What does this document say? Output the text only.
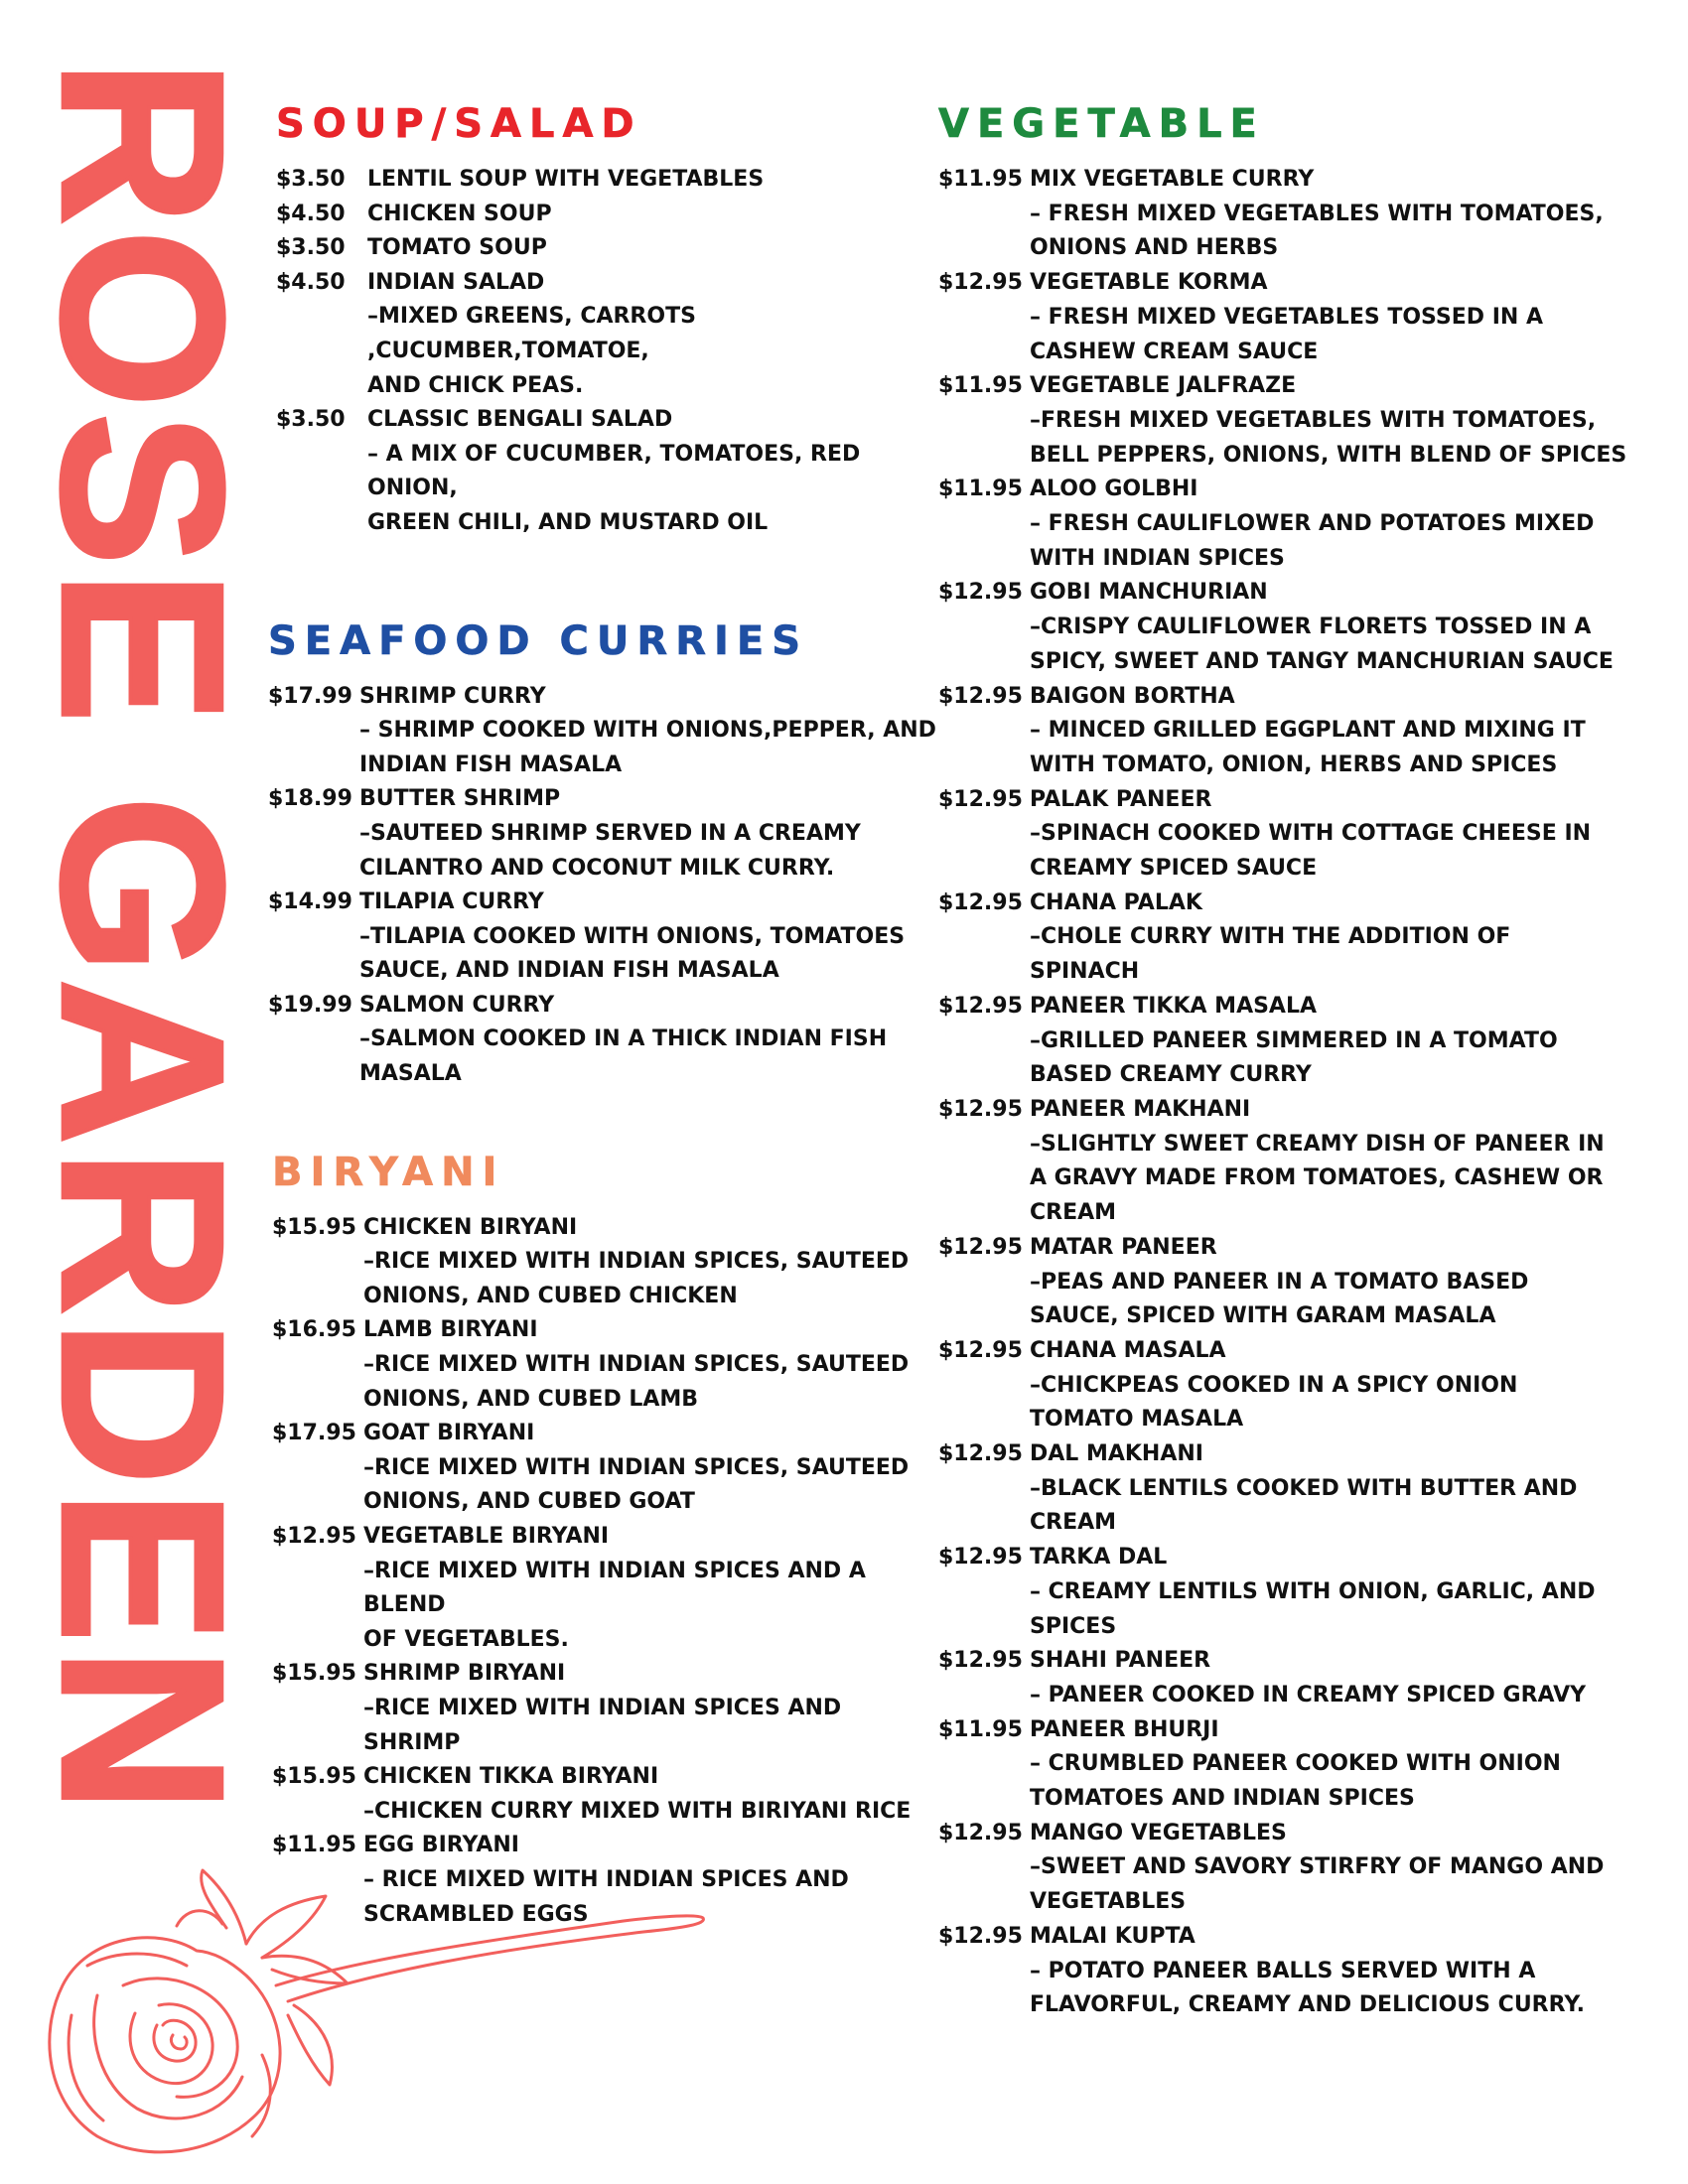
ROSE GARDEN SOUP/SALAD
$3.50	LENTIL SOUP WITH VEGETABLES
$4.50	CHICKEN SOUP
$3.50	TOMATO SOUP
$4.50	INDIAN SALAD
–MIXED GREENS, CARROTS ,CUCUMBER,TOMATOE,
AND CHICK PEAS.
$3.50	CLASSIC BENGALI SALAD
– A MIX OF CUCUMBER, TOMATOES, RED ONION,
GREEN CHILI, AND MUSTARD OIL
SEAFOOD CURRIES
$17.99 SHRIMP CURRY
– SHRIMP COOKED WITH ONIONS,PEPPER, AND
INDIAN FISH MASALA
$18.99 BUTTER SHRIMP
–SAUTEED SHRIMP SERVED IN A CREAMY
CILANTRO AND COCONUT MILK CURRY.
$14.99 TILAPIA CURRY
–TILAPIA COOKED WITH ONIONS, TOMATOES
SAUCE, AND INDIAN FISH MASALA
$19.99 SALMON CURRY
–SALMON COOKED IN A THICK INDIAN FISH
MASALA
BIRYANI
$15.95 CHICKEN BIRYANI
–RICE MIXED WITH INDIAN SPICES, SAUTEED
ONIONS, AND CUBED CHICKEN
$16.95 LAMB BIRYANI
–RICE MIXED WITH INDIAN SPICES, SAUTEED
ONIONS, AND CUBED LAMB
$17.95 GOAT BIRYANI
–RICE MIXED WITH INDIAN SPICES, SAUTEED
ONIONS, AND CUBED GOAT
$12.95 VEGETABLE BIRYANI
–RICE MIXED WITH INDIAN SPICES AND A BLEND
OF VEGETABLES.
$15.95 SHRIMP BIRYANI
–RICE MIXED WITH INDIAN SPICES AND SHRIMP
$15.95 CHICKEN TIKKA BIRYANI
–CHICKEN CURRY MIXED WITH BIRIYANI RICE
$11.95 EGG BIRYANI
– RICE MIXED WITH INDIAN SPICES AND
SCRAMBLED EGGS
VEGETABLE
$11.95 MIX VEGETABLE CURRY
– FRESH MIXED VEGETABLES WITH TOMATOES,
ONIONS AND HERBS
$12.95 VEGETABLE KORMA
– FRESH MIXED VEGETABLES TOSSED IN A
CASHEW CREAM SAUCE
$11.95 VEGETABLE JALFRAZE
–FRESH MIXED VEGETABLES WITH TOMATOES,
BELL PEPPERS, ONIONS, WITH BLEND OF SPICES
$11.95 ALOO GOLBHI
– FRESH CAULIFLOWER AND POTATOES MIXED
WITH INDIAN SPICES
$12.95 GOBI MANCHURIAN
–CRISPY CAULIFLOWER FLORETS TOSSED IN A
SPICY, SWEET AND TANGY MANCHURIAN SAUCE
$12.95 BAIGON BORTHA
– MINCED GRILLED EGGPLANT AND MIXING IT
WITH TOMATO, ONION, HERBS AND SPICES
$12.95 PALAK PANEER
–SPINACH COOKED WITH COTTAGE CHEESE IN
CREAMY SPICED SAUCE
$12.95 CHANA PALAK
–CHOLE CURRY WITH THE ADDITION OF
SPINACH
$12.95 PANEER TIKKA MASALA
–GRILLED PANEER SIMMERED IN A TOMATO
BASED CREAMY CURRY
$12.95 PANEER MAKHANI
–SLIGHTLY SWEET CREAMY DISH OF PANEER IN
A GRAVY MADE FROM TOMATOES, CASHEW OR
CREAM
$12.95 MATAR PANEER
–PEAS AND PANEER IN A TOMATO BASED
SAUCE, SPICED WITH GARAM MASALA
$12.95 CHANA MASALA
–CHICKPEAS COOKED IN A SPICY ONION
TOMATO MASALA
$12.95 DAL MAKHANI
–BLACK LENTILS COOKED WITH BUTTER AND
CREAM
$12.95 TARKA DAL
– CREAMY LENTILS WITH ONION, GARLIC, AND
SPICES
$12.95 SHAHI PANEER
– PANEER COOKED IN CREAMY SPICED GRAVY
$11.95 PANEER BHURJI
– CRUMBLED PANEER COOKED WITH ONION
TOMATOES AND INDIAN SPICES
$12.95 MANGO VEGETABLES
–SWEET AND SAVORY STIRFRY OF MANGO AND
VEGETABLES
$12.95 MALAI KUPTA
– POTATO PANEER BALLS SERVED WITH A
FLAVORFUL, CREAMY AND DELICIOUS CURRY.
